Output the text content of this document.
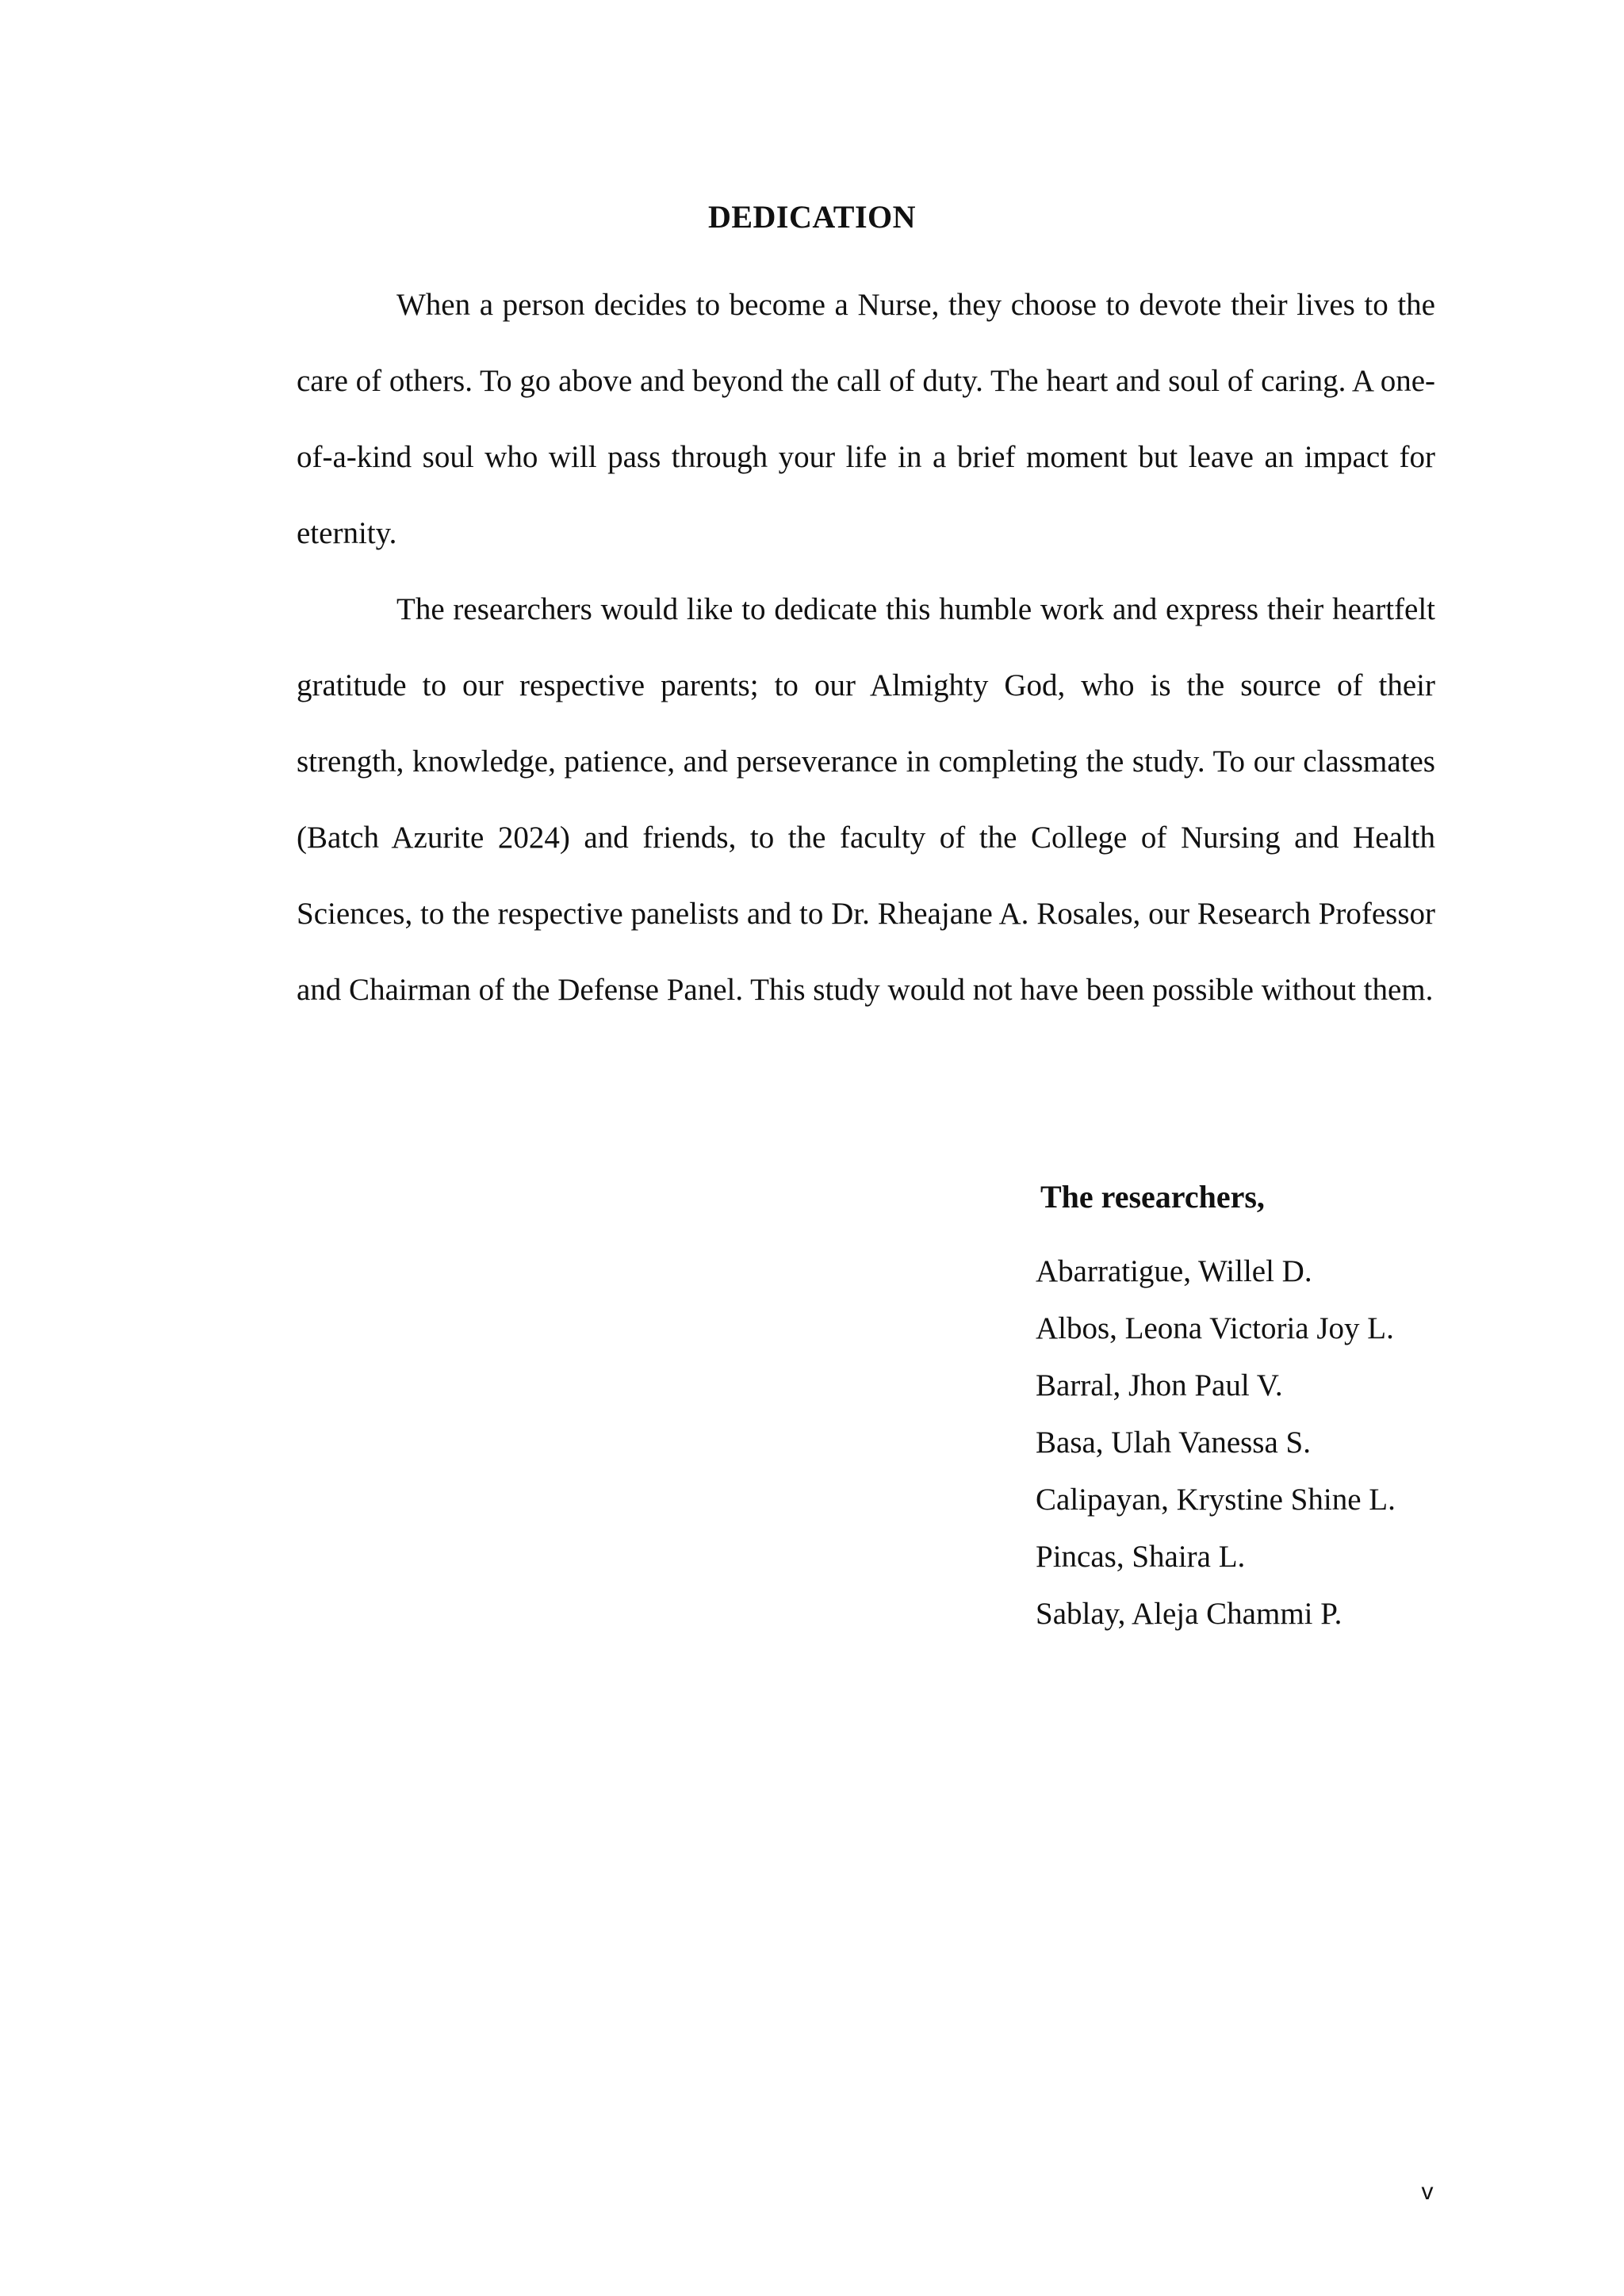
DEDICATION

When a person decides to become a Nurse, they choose to devote their lives to the care of others. To go above and beyond the call of duty. The heart and soul of caring. A one-of-a-kind soul who will pass through your life in a brief moment but leave an impact for eternity.

The researchers would like to dedicate this humble work and express their heartfelt gratitude to our respective parents; to our Almighty God, who is the source of their strength, knowledge, patience, and perseverance in completing the study. To our classmates (Batch Azurite 2024) and friends, to the faculty of the College of Nursing and Health Sciences, to the respective panelists and to Dr. Rheajane A. Rosales, our Research Professor and Chairman of the Defense Panel. This study would not have been possible without them.

The researchers,
Abarratigue, Willel D.
Albos, Leona Victoria Joy L.
Barral, Jhon Paul V.
Basa, Ulah Vanessa S.
Calipayan, Krystine Shine L.
Pincas, Shaira L.
Sablay, Aleja Chammi P.
v
